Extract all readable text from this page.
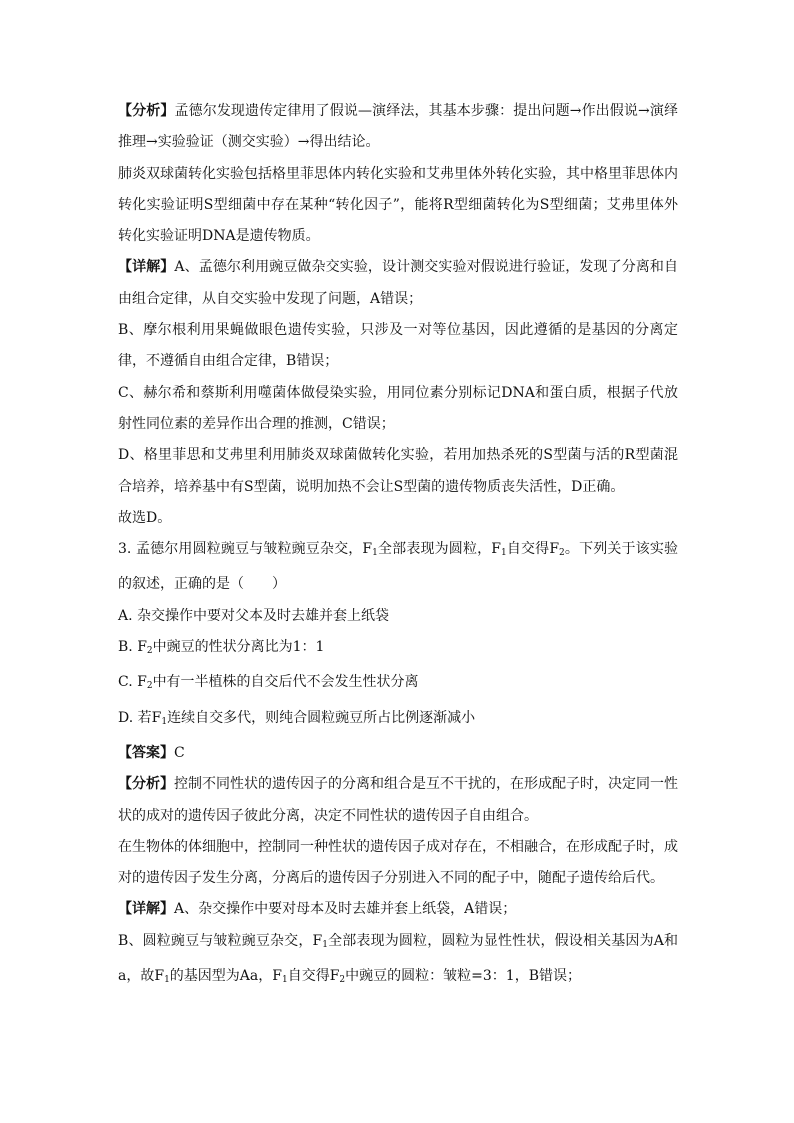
【分析】孟德尔发现遗传定律用了假说—演绎法，其基本步骤：提出问题→作出假说→演绎推理→实验验证（测交实验）→得出结论。

肺炎双球菌转化实验包括格里菲思体内转化实验和艾弗里体外转化实验，其中格里菲思体内转化实验证明S型细菌中存在某种“转化因子”，能将R型细菌转化为S型细菌；艾弗里体外转化实验证明DNA是遗传物质。

【详解】A、孟德尔利用豌豆做杂交实验，设计测交实验对假说进行验证，发现了分离和自由组合定律，从自交实验中发现了问题，A错误；

B、摩尔根利用果蝇做眼色遗传实验，只涉及一对等位基因，因此遵循的是基因的分离定律，不遵循自由组合定律，B错误；

C、赫尔希和蔡斯利用噬菌体做侵染实验，用同位素分别标记DNA和蛋白质，根据子代放射性同位素的差异作出合理的推测，C错误；

D、格里菲思和艾弗里利用肺炎双球菌做转化实验，若用加热杀死的S型菌与活的R型菌混合培养，培养基中有S型菌，说明加热不会让S型菌的遗传物质丧失活性，D正确。

故选D。

3. 孟德尔用圆粒豌豆与皱粒豌豆杂交，$F_1$全部表现为圆粒，$F_1$自交得$F_2$。下列关于该实验的叙述，正确的是（　　）

A. 杂交操作中要对父本及时去雄并套上纸袋

B. $F_2$中豌豆的性状分离比为1：1

C. $F_2$中有一半植株的自交后代不会发生性状分离

D. 若$F_1$连续自交多代，则纯合圆粒豌豆所占比例逐渐减小

【答案】C

【分析】控制不同性状的遗传因子的分离和组合是互不干扰的，在形成配子时，决定同一性状的成对的遗传因子彼此分离，决定不同性状的遗传因子自由组合。

在生物体的体细胞中，控制同一种性状的遗传因子成对存在，不相融合，在形成配子时，成对的遗传因子发生分离，分离后的遗传因子分别进入不同的配子中，随配子遗传给后代。

【详解】A、杂交操作中要对母本及时去雄并套上纸袋，A错误；

B、圆粒豌豆与皱粒豌豆杂交，$F_1$全部表现为圆粒，圆粒为显性性状，假设相关基因为A和a，故$F_1$的基因型为Aa，$F_1$自交得$F_2$中豌豆的圆粒：皱粒=3：1，B错误；
